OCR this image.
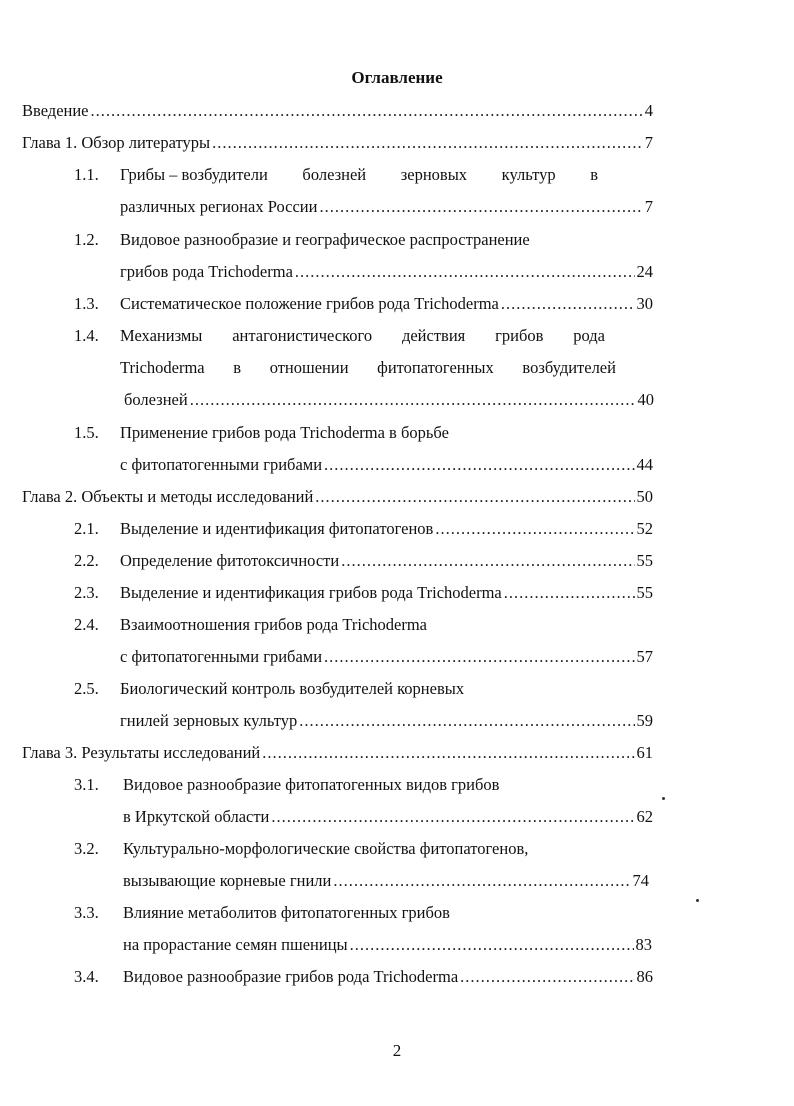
Оглавление
Введение .....	4
Глава 1. Обзор литературы .....	7
1.1. Грибы – возбудители болезней зерновых культур в
различных регионах России .....	7
1.2. Видовое разнообразие и географическое распространение
грибов рода Trichoderma .....	24
1.3. Систематическое положение грибов рода Trichoderma .....	30
1.4. Механизмы антагонистического действия грибов рода
Trichoderma в отношении фитопатогенных возбудителей
болезней .....	40
1.5. Применение грибов рода Trichoderma в борьбе
с фитопатогенными грибами .....	44
Глава 2. Объекты и методы исследований .....	50
2.1. Выделение и идентификация фитопатогенов .....	52
2.2. Определение фитотоксичности .....	55
2.3. Выделение и идентификация грибов рода Trichoderma .....	55
2.4. Взаимоотношения грибов рода Trichoderma
с фитопатогенными грибами .....	57
2.5. Биологический контроль возбудителей корневых
гнилей зерновых культур .....	59
Глава 3. Результаты исследований .....	61
3.1. Видовое разнообразие фитопатогенных видов грибов
в Иркутской области .....	62
3.2. Культурально-морфологические свойства фитопатогенов,
вызывающие корневые гнили .....	74
3.3. Влияние метаболитов фитопатогенных грибов
на прорастание семян пшеницы .....	83
3.4. Видовое разнообразие грибов рода Trichoderma .....	86
2
